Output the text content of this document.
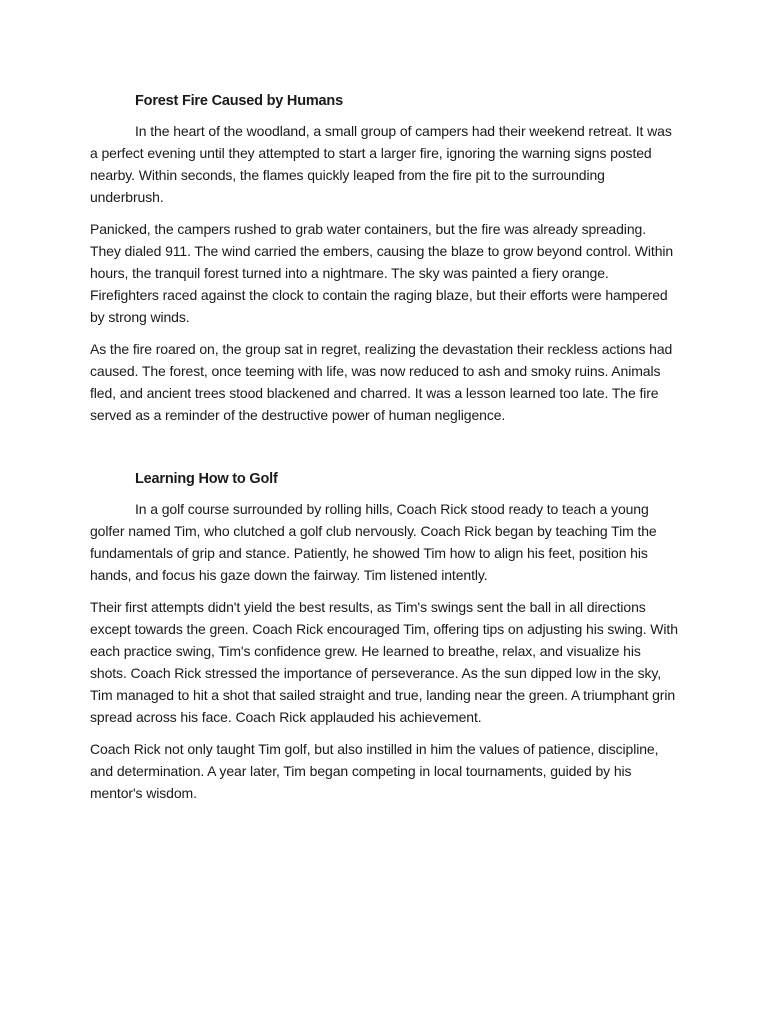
Forest Fire Caused by Humans

In the heart of the woodland, a small group of campers had their weekend retreat. It was a perfect evening until they attempted to start a larger fire, ignoring the warning signs posted nearby. Within seconds, the flames quickly leaped from the fire pit to the surrounding underbrush.

Panicked, the campers rushed to grab water containers, but the fire was already spreading. They dialed 911. The wind carried the embers, causing the blaze to grow beyond control. Within hours, the tranquil forest turned into a nightmare. The sky was painted a fiery orange. Firefighters raced against the clock to contain the raging blaze, but their efforts were hampered by strong winds.

As the fire roared on, the group sat in regret, realizing the devastation their reckless actions had caused. The forest, once teeming with life, was now reduced to ash and smoky ruins. Animals fled, and ancient trees stood blackened and charred. It was a lesson learned too late. The fire served as a reminder of the destructive power of human negligence.

Learning How to Golf

In a golf course surrounded by rolling hills, Coach Rick stood ready to teach a young golfer named Tim, who clutched a golf club nervously. Coach Rick began by teaching Tim the fundamentals of grip and stance. Patiently, he showed Tim how to align his feet, position his hands, and focus his gaze down the fairway. Tim listened intently.

Their first attempts didn't yield the best results, as Tim's swings sent the ball in all directions except towards the green. Coach Rick encouraged Tim, offering tips on adjusting his swing. With each practice swing, Tim's confidence grew. He learned to breathe, relax, and visualize his shots. Coach Rick stressed the importance of perseverance. As the sun dipped low in the sky, Tim managed to hit a shot that sailed straight and true, landing near the green. A triumphant grin spread across his face. Coach Rick applauded his achievement.

Coach Rick not only taught Tim golf, but also instilled in him the values of patience, discipline, and determination. A year later, Tim began competing in local tournaments, guided by his mentor's wisdom.
